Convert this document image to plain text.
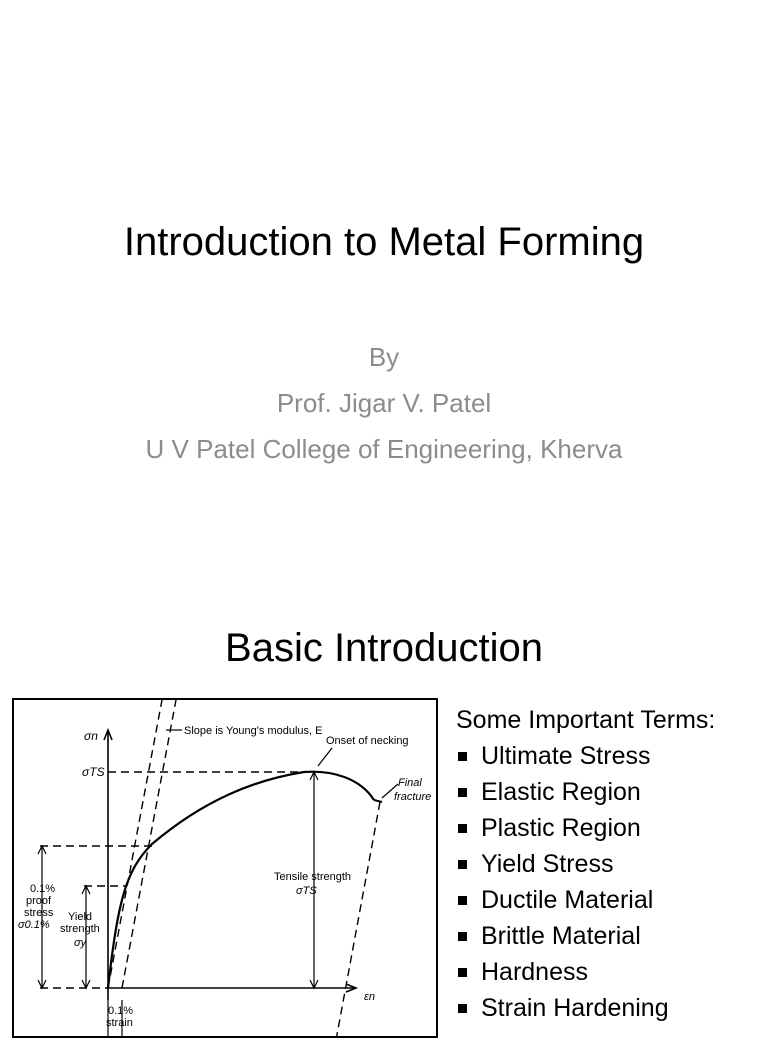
Introduction to Metal Forming
By
Prof. Jigar V. Patel
U V Patel College of Engineering, Kherva
Basic Introduction
σn
σTS
Slope is Young's modulus, E
Onset of necking
Final
fracture
Tensile strength
σTS
0.1%
proof
stress
σ0.1%
Yield
strength
σy
εn
0.1%
strain
Some Important Terms:
Ultimate Stress
Elastic Region
Plastic Region
Yield Stress
Ductile Material
Brittle Material
Hardness
Strain Hardening
